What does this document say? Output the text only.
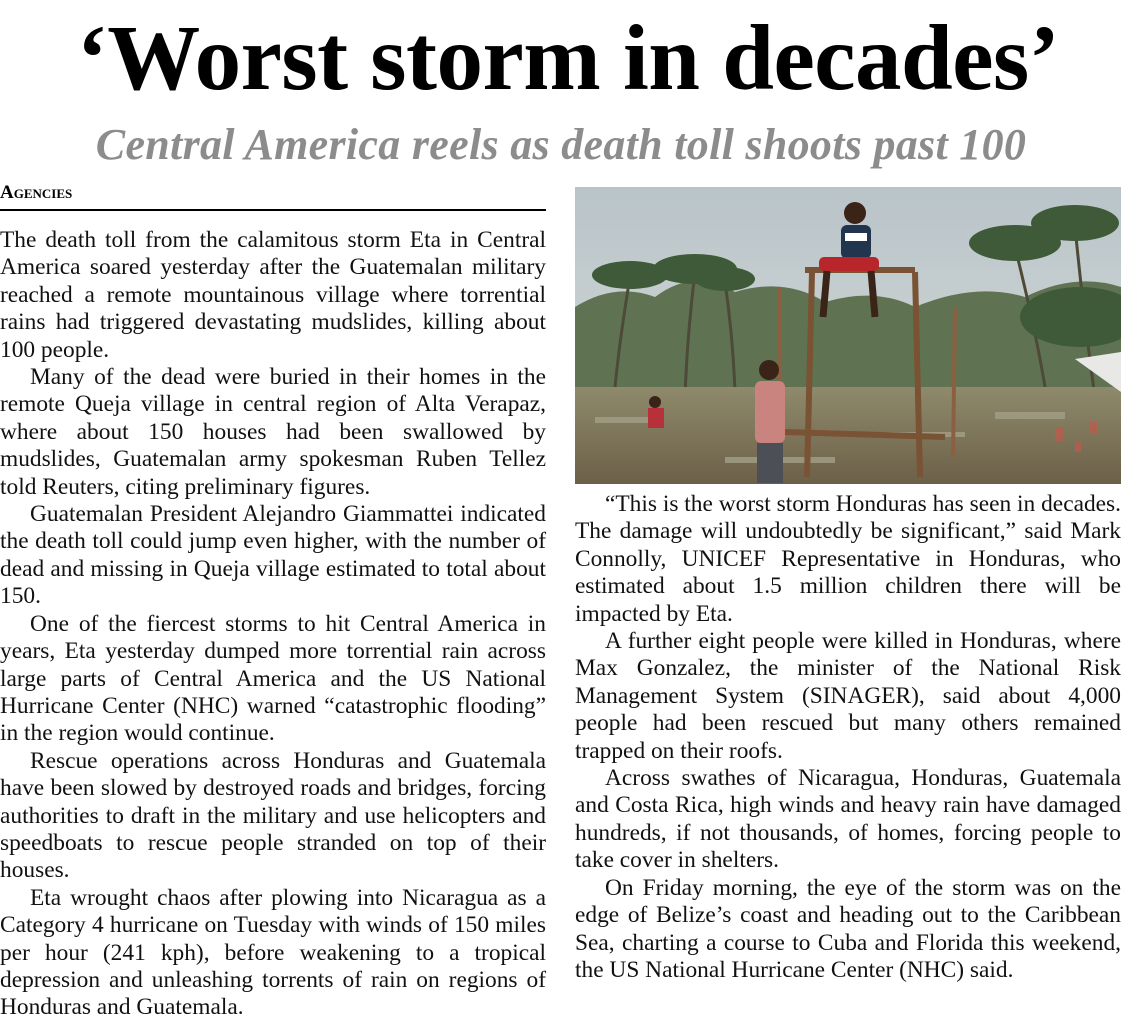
‘Worst storm in decades’
Central America reels as death toll shoots past 100
Agencies

The death toll from the calamitous storm Eta in Central America soared yesterday after the Guatemalan military reached a remote mountainous village where torrential rains had triggered devastating mudslides, killing about 100 people.

Many of the dead were buried in their homes in the remote Queja village in central region of Alta Verapaz, where about 150 houses had been swallowed by mudslides, Guatemalan army spokesman Ruben Tellez told Reuters, citing preliminary figures.

Guatemalan President Alejandro Giammattei indicated the death toll could jump even higher, with the number of dead and missing in Queja village estimated to total about 150.

One of the fiercest storms to hit Central America in years, Eta yesterday dumped more torrential rain across large parts of Central America and the US National Hurricane Center (NHC) warned “catastrophic flooding” in the region would continue.

Rescue operations across Honduras and Guatemala have been slowed by destroyed roads and bridges, forcing authorities to draft in the military and use helicopters and speedboats to rescue people stranded on top of their houses.

Eta wrought chaos after plowing into Nicaragua as a Category 4 hurricane on Tuesday with winds of 150 miles per hour (241 kph), before weakening to a tropical depression and unleashing torrents of rain on regions of Honduras and Guatemala.

“This is the worst storm Honduras has seen in decades. The damage will undoubtedly be significant,” said Mark Connolly, UNICEF Representative in Honduras, who estimated about 1.5 million children there will be impacted by Eta.

A further eight people were killed in Honduras, where Max Gonzalez, the minister of the National Risk Management System (SINAGER), said about 4,000 people had been rescued but many others remained trapped on their roofs.

Across swathes of Nicaragua, Honduras, Guatemala and Costa Rica, high winds and heavy rain have damaged hundreds, if not thousands, of homes, forcing people to take cover in shelters.

On Friday morning, the eye of the storm was on the edge of Belize’s coast and heading out to the Caribbean Sea, charting a course to Cuba and Florida this weekend, the US National Hurricane Center (NHC) said.
